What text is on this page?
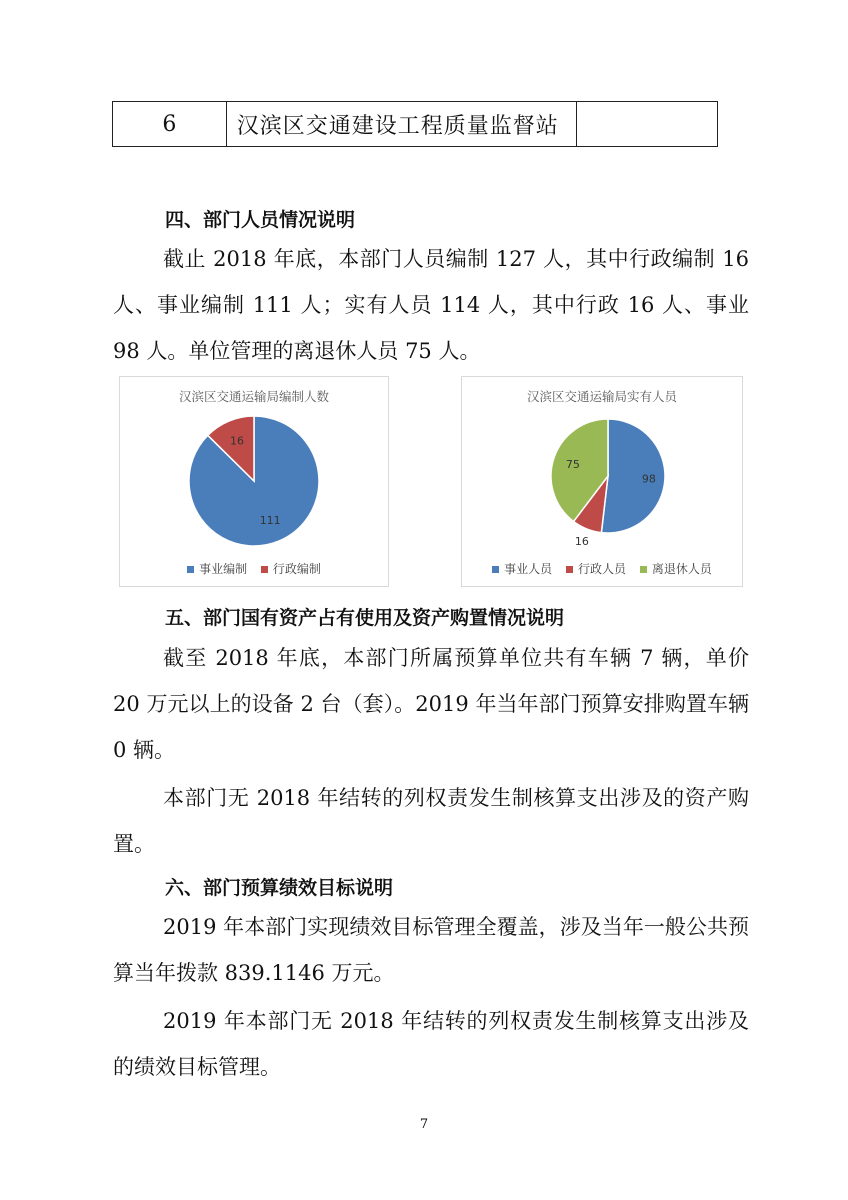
6	汉滨区交通建设工程质量监督站	
四、部门人员情况说明
截止 2018 年底，本部门人员编制 127 人，其中行政编制 16 人、事业编制 111 人；实有人员 114 人，其中行政 16 人、事业 98 人。单位管理的离退休人员 75 人。
汉滨区交通运输局编制人数
111
16
事业编制 行政编制
汉滨区交通运输局实有人员
98
16
75
事业人员 行政人员 离退休人员
五、部门国有资产占有使用及资产购置情况说明
截至 2018 年底，本部门所属预算单位共有车辆 7 辆，单价 20 万元以上的设备 2 台（套）。2019 年当年部门预算安排购置车辆 0 辆。
本部门无 2018 年结转的列权责发生制核算支出涉及的资产购置。
六、部门预算绩效目标说明
2019 年本部门实现绩效目标管理全覆盖，涉及当年一般公共预算当年拨款 839.1146 万元。
2019 年本部门无 2018 年结转的列权责发生制核算支出涉及的绩效目标管理。
7
